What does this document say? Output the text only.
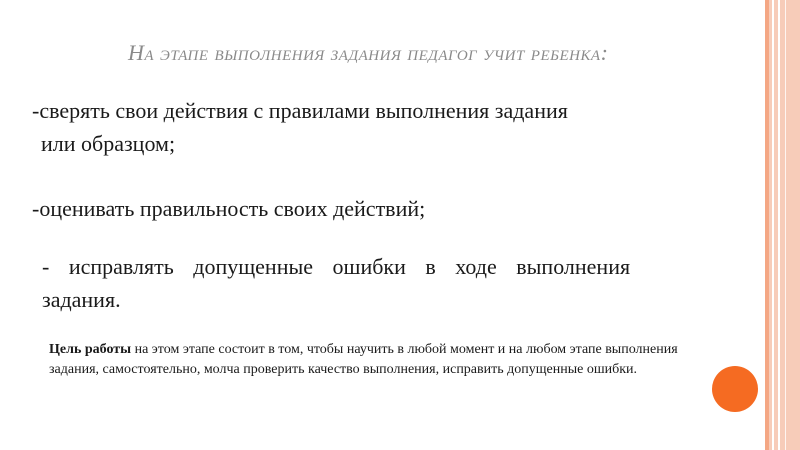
На этапе выполнения задания педагог учит ребенка:
-сверять свои действия с правилами выполнения задания
или образцом;
-оценивать правильность своих действий;
- исправлять допущенные ошибки в ходе выполнения
задания.
Цель работы на этом этапе состоит в том, чтобы научить в любой момент и на любом этапе выполнения задания, самостоятельно, молча проверить качество выполнения, исправить допущенные ошибки.
